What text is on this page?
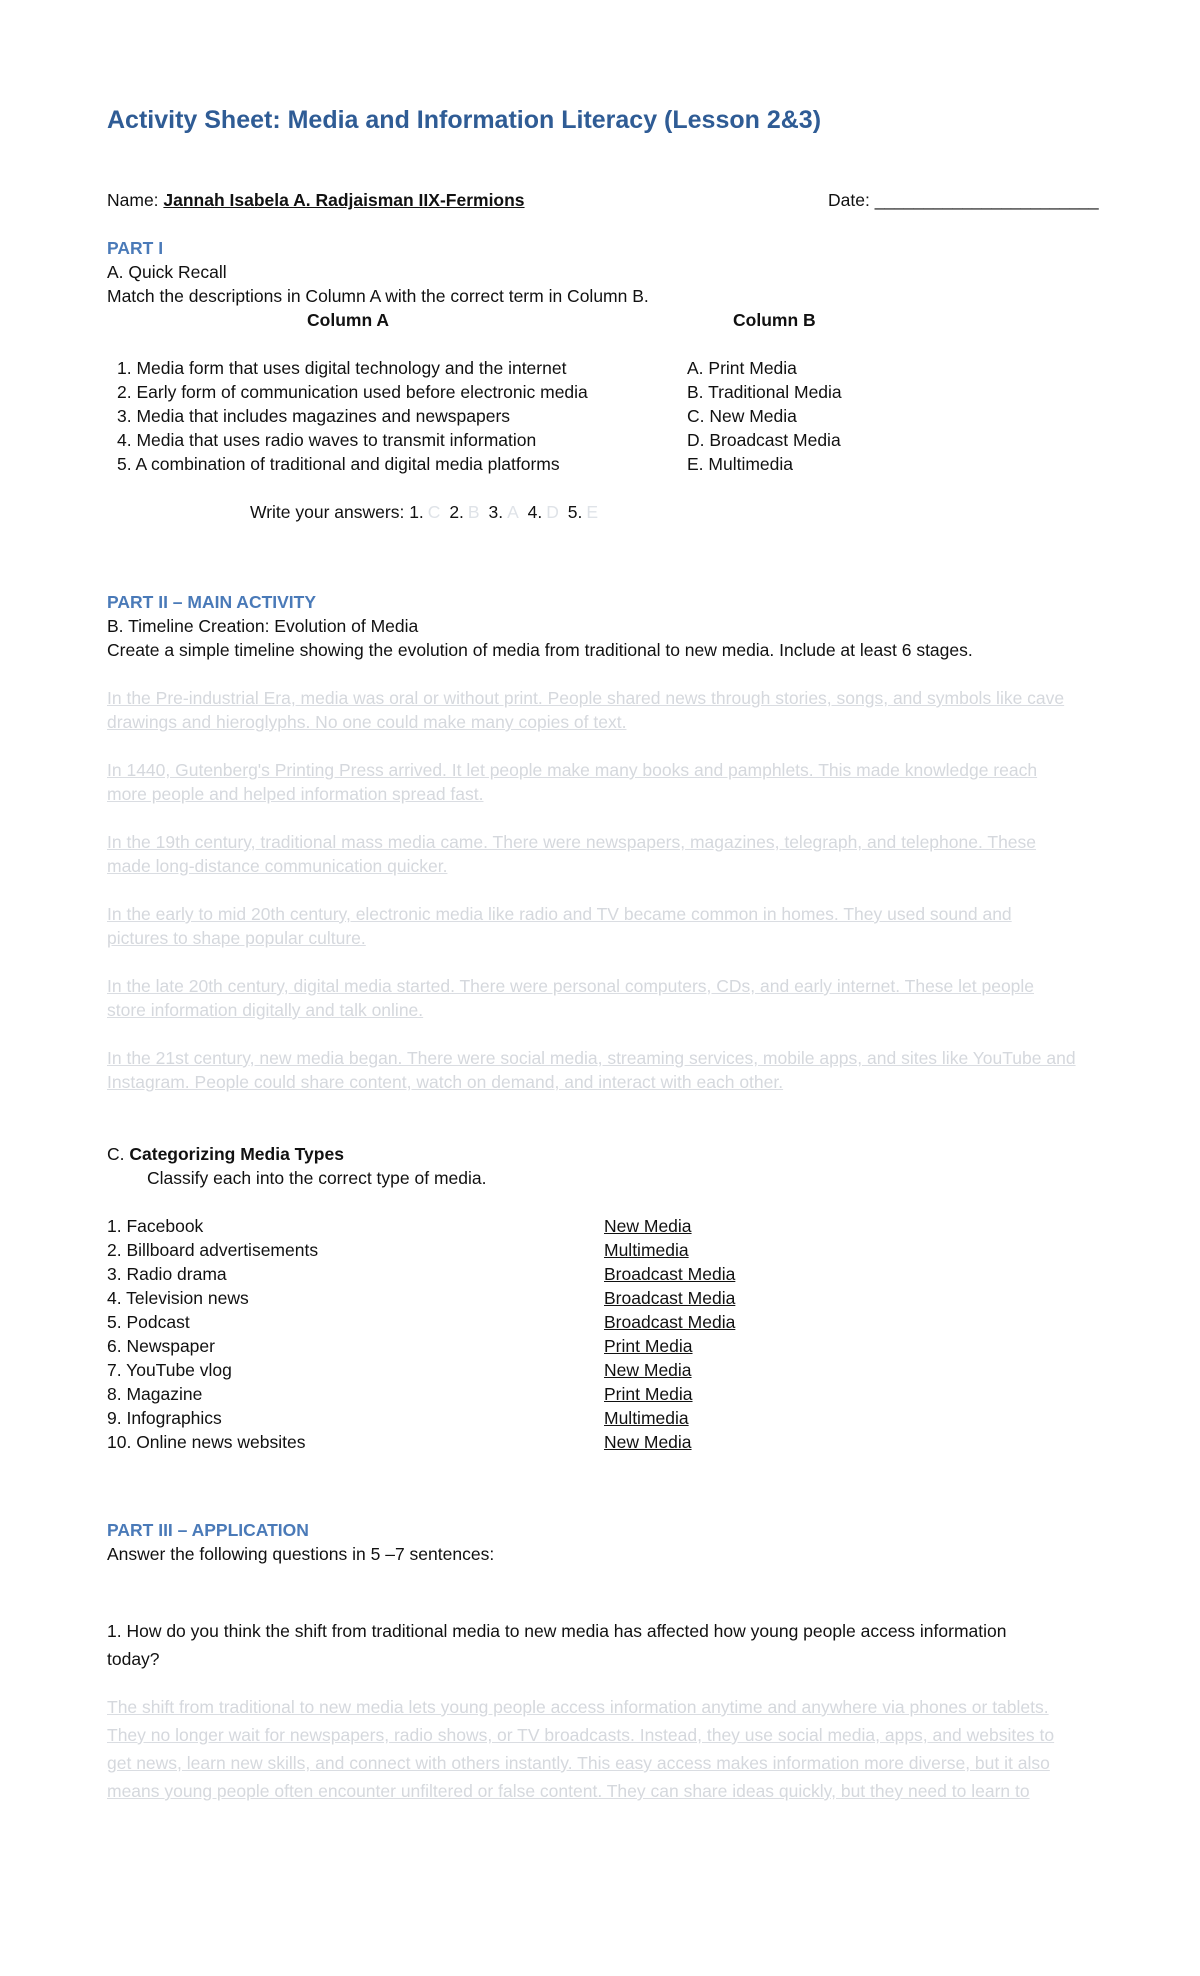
Activity Sheet: Media and Information Literacy (Lesson 2&3)
Name: Jannah Isabela A. Radjaisman IIX-Fermions	Date: _______________________
PART I
A. Quick Recall
Match the descriptions in Column A with the correct term in Column B.
Column A	Column B
1. Media form that uses digital technology and the internet
2. Early form of communication used before electronic media
3. Media that includes magazines and newspapers
4. Media that uses radio waves to transmit information
5. A combination of traditional and digital media platforms
A. Print Media
B. Traditional Media
C. New Media
D. Broadcast Media
E. Multimedia
Write your answers: 1. C 2. B 3. A 4. D 5. E
PART II – MAIN ACTIVITY
B. Timeline Creation: Evolution of Media
Create a simple timeline showing the evolution of media from traditional to new media. Include at least 6 stages.
In the Pre-industrial Era, media was oral or without print. People shared news through stories, songs, and symbols like cave
drawings and hieroglyphs. No one could make many copies of text.
In 1440, Gutenberg's Printing Press arrived. It let people make many books and pamphlets. This made knowledge reach
more people and helped information spread fast.
In the 19th century, traditional mass media came. There were newspapers, magazines, telegraph, and telephone. These
made long-distance communication quicker.
In the early to mid 20th century, electronic media like radio and TV became common in homes. They used sound and
pictures to shape popular culture.
In the late 20th century, digital media started. There were personal computers, CDs, and early internet. These let people
store information digitally and talk online.
In the 21st century, new media began. There were social media, streaming services, mobile apps, and sites like YouTube and
Instagram. People could share content, watch on demand, and interact with each other.
C. Categorizing Media Types
Classify each into the correct type of media.
1. Facebook
2. Billboard advertisements
3. Radio drama
4. Television news
5. Podcast
6. Newspaper
7. YouTube vlog
8. Magazine
9. Infographics
10. Online news websites
New Media
Multimedia
Broadcast Media
Broadcast Media
Broadcast Media
Print Media
New Media
Print Media
Multimedia
New Media
PART III – APPLICATION
Answer the following questions in 5 –7 sentences:
1. How do you think the shift from traditional media to new media has affected how young people access information
today?
The shift from traditional to new media lets young people access information anytime and anywhere via phones or tablets.
They no longer wait for newspapers, radio shows, or TV broadcasts. Instead, they use social media, apps, and websites to
get news, learn new skills, and connect with others instantly. This easy access makes information more diverse, but it also
means young people often encounter unfiltered or false content. They can share ideas quickly, but they need to learn to
